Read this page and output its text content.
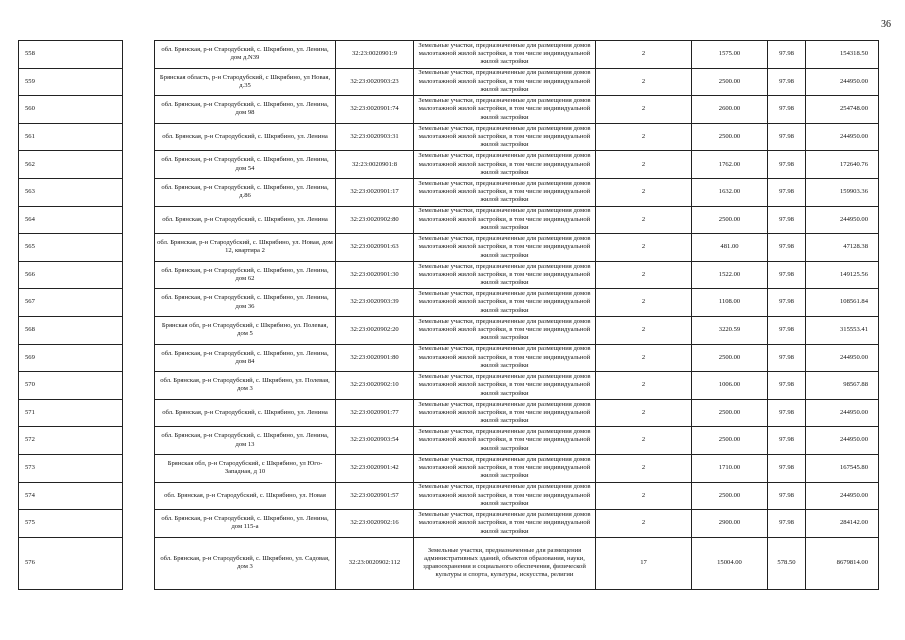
36
558		обл. Брянская, р-н Стародубский, с. Шкрябино, ул. Ленина, дом д.N39	32:23:0020901:9	Земельные участки, предназначенные для размещения домов малоэтажной жилой застройки, в том числе индивидуальной жилой застройки	2	1575.00	97.98	154318.50
559		Брянская область, р-н Стародубский, с Шкрябино, ул Новая, д.35	32:23:0020903:23	Земельные участки, предназначенные для размещения домов малоэтажной жилой застройки, в том числе индивидуальной жилой застройки	2	2500.00	97.98	244950.00
560		обл. Брянская, р-н Стародубский, с. Шкрябино, ул. Ленина, дом 98	32:23:0020901:74	Земельные участки, предназначенные для размещения домов малоэтажной жилой застройки, в том числе индивидуальной жилой застройки	2	2600.00	97.98	254748.00
561		обл. Брянская, р-н Стародубский, с. Шкрябино, ул. Ленина	32:23:0020903:31	Земельные участки, предназначенные для размещения домов малоэтажной жилой застройки, в том числе индивидуальной жилой застройки	2	2500.00	97.98	244950.00
562		обл. Брянская, р-н Стародубский, с. Шкрябино, ул. Ленина, дом 54	32:23:0020901:8	Земельные участки, предназначенные для размещения домов малоэтажной жилой застройки, в том числе индивидуальной жилой застройки	2	1762.00	97.98	172640.76
563		обл. Брянская, р-н Стародубский, с. Шкрябино, ул. Ленина, д.86	32:23:0020901:17	Земельные участки, предназначенные для размещения домов малоэтажной жилой застройки, в том числе индивидуальной жилой застройки	2	1632.00	97.98	159903.36
564		обл. Брянская, р-н Стародубский, с. Шкрябино, ул. Ленина	32:23:0020902:80	Земельные участки, предназначенные для размещения домов малоэтажной жилой застройки, в том числе индивидуальной жилой застройки	2	2500.00	97.98	244950.00
565		обл. Брянская, р-н Стародубский, с. Шкрябино, ул. Новая, дом 12, квартира 2	32:23:0020901:63	Земельные участки, предназначенные для размещения домов малоэтажной жилой застройки, в том числе индивидуальной жилой застройки	2	481.00	97.98	47128.38
566		обл. Брянская, р-н Стародубский, с. Шкрябино, ул. Ленина, дом 62	32:23:0020901:30	Земельные участки, предназначенные для размещения домов малоэтажной жилой застройки, в том числе индивидуальной жилой застройки	2	1522.00	97.98	149125.56
567		обл. Брянская, р-н Стародубский, с. Шкрябино, ул. Ленина, дом 36	32:23:0020903:39	Земельные участки, предназначенные для размещения домов малоэтажной жилой застройки, в том числе индивидуальной жилой застройки	2	1108.00	97.98	108561.84
568		Брянская обл, р-н Стародубский, с Шкрябино, ул. Полевая, дом 5	32:23:0020902:20	Земельные участки, предназначенные для размещения домов малоэтажной жилой застройки, в том числе индивидуальной жилой застройки	2	3220.59	97.98	315553.41
569		обл. Брянская, р-н Стародубский, с. Шкрябино, ул. Ленина, дом 84	32:23:0020901:80	Земельные участки, предназначенные для размещения домов малоэтажной жилой застройки, в том числе индивидуальной жилой застройки	2	2500.00	97.98	244950.00
570		обл. Брянская, р-н Стародубский, с. Шкрябино, ул. Полевая, дом 3	32:23:0020902:10	Земельные участки, предназначенные для размещения домов малоэтажной жилой застройки, в том числе индивидуальной жилой застройки	2	1006.00	97.98	98567.88
571		обл. Брянская, р-н Стародубский, с. Шкрябино, ул. Ленина	32:23:0020901:77	Земельные участки, предназначенные для размещения домов малоэтажной жилой застройки, в том числе индивидуальной жилой застройки	2	2500.00	97.98	244950.00
572		обл. Брянская, р-н Стародубский, с. Шкрябино, ул. Ленина, дом 13	32:23:0020903:54	Земельные участки, предназначенные для размещения домов малоэтажной жилой застройки, в том числе индивидуальной жилой застройки	2	2500.00	97.98	244950.00
573		Брянская обл, р-н Стародубский, с Шкрябино, ул Юго-Западная, д 10	32:23:0020901:42	Земельные участки, предназначенные для размещения домов малоэтажной жилой застройки, в том числе индивидуальной жилой застройки	2	1710.00	97.98	167545.80
574		обл. Брянская, р-н Стародубский, с. Шкрябино, ул. Новая	32:23:0020901:57	Земельные участки, предназначенные для размещения домов малоэтажной жилой застройки, в том числе индивидуальной жилой застройки	2	2500.00	97.98	244950.00
575		обл. Брянская, р-н Стародубский, с. Шкрябино, ул. Ленина, дом 115-а	32:23:0020902:16	Земельные участки, предназначенные для размещения домов малоэтажной жилой застройки, в том числе индивидуальной жилой застройки	2	2900.00	97.98	284142.00
576		обл. Брянская, р-н Стародубский, с. Шкрябино, ул. Садовая, дом 3	32:23:0020902:112	Земельные участки, предназначенные для размещения административных зданий, объектов образования, науки, здравоохранения и социального обеспечения, физической культуры и спорта, культуры, искусства, религии	17	15004.00	578.50	8679814.00
